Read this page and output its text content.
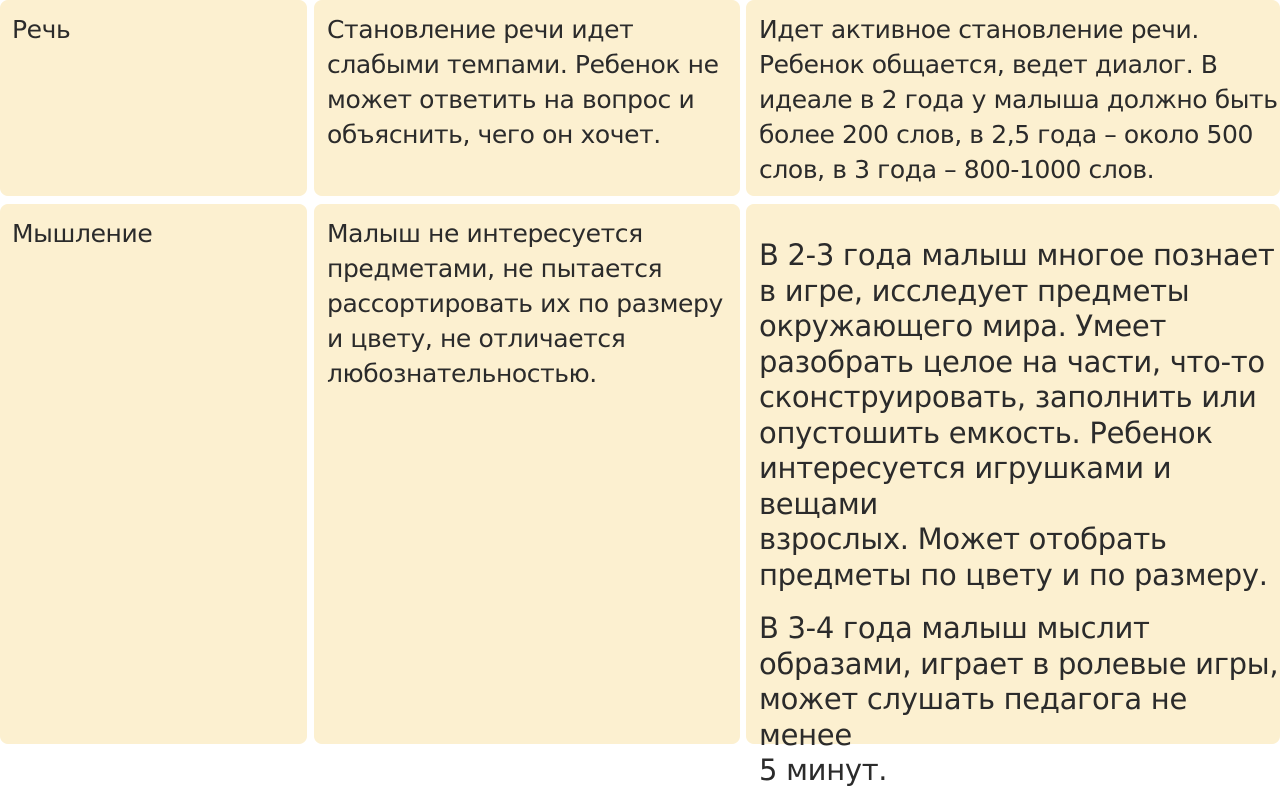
Речь	Становление речи идет
слабыми темпами. Ребенок не
может ответить на вопрос и
объяснить, чего он хочет.

Идет активное становление речи.
Ребенок общается, ведет диалог. В
идеале в 2 года у малыша должно быть
более 200 слов, в 2,5 года – около 500
слов, в 3 года – 800-1000 слов.

Мышление	Малыш не интересуется
предметами, не пытается
рассортировать их по размеру
и цвету, не отличается
любознательностью.

В 2-3 года малыш многое познает
в игре, исследует предметы
окружающего мира. Умеет
разобрать целое на части, что-то
сконструировать, заполнить или
опустошить емкость. Ребенок
интересуется игрушками и вещами
взрослых. Может отобрать
предметы по цвету и по размеру.

В 3-4 года малыш мыслит
образами, играет в ролевые игры,
может слушать педагога не менее
5 минут.
